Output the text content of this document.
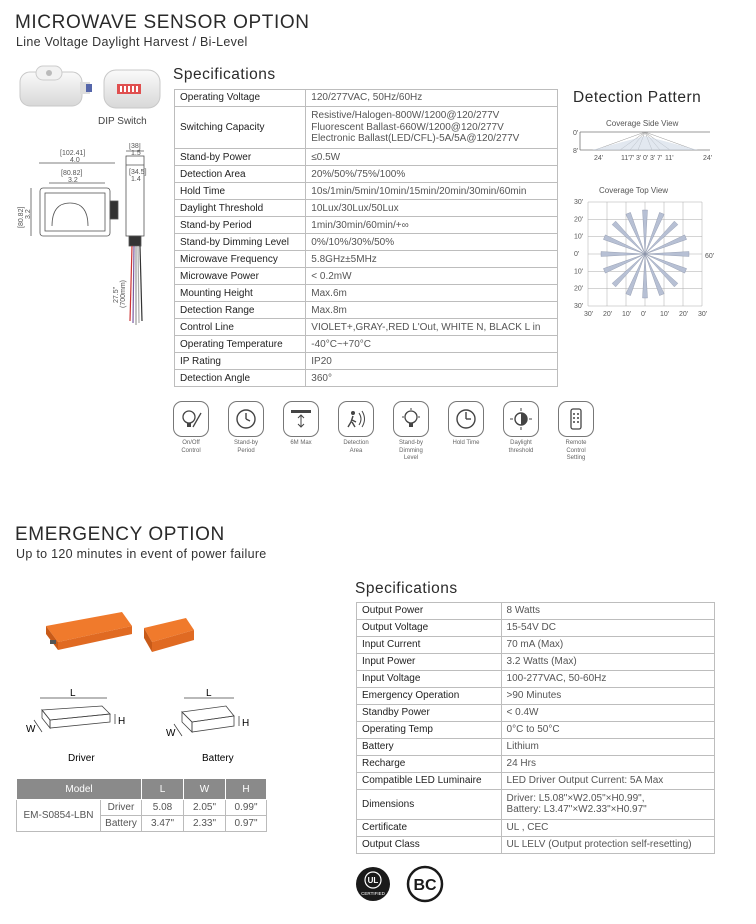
MICROWAVE SENSOR OPTION
Line Voltage Daylight Harvest / Bi-Level
DIP Switch
[102.41]
4.0
[80.82]
3.2
[80.82] 3.2
[38]
1.5
[34.5]
1.4
27.5" (700mm)
Specifications
Operating Voltage	120/277VAC, 50Hz/60Hz
Switching Capacity	Resistive/Halogen-800W/1200@120/277V
Fluorescent Ballast-660W/1200@120/277V
Electronic Ballast(LED/CFL)-5A/5A@120/277V

Stand-by Power	≤0.5W
Detection Area	20%/50%/75%/100%
Hold Time	10s/1min/5min/10min/15min/20min/30min/60min
Daylight Threshold	10Lux/30Lux/50Lux
Stand-by Period	1min/30min/60min/+∞
Stand-by Dimming Level	0%/10%/30%/50%
Microwave Frequency	5.8GHz±5MHz
Microwave Power	< 0.2mW
Mounting Height	Max.6m
Detection Range	Max.8m
Control Line	VIOLET+,GRAY-,RED L'Out, WHITE N, BLACK L in
Operating Temperature	-40°C~+70°C
IP Rating	IP20
Detection Angle	360°
Detection Pattern
Coverage Side View
0'
8'
24'	11' 7' 3' 0' 3' 7' 11'	24'
Coverage Top View
30'
20'
10'
0'
10'
20'
30'
30' 20' 10' 0' 10' 20' 30'
60'
On/Off
Control
Stand-by
Period
6M Max	Detection
Area
Stand-by
Dimming
Level
Hold Time	Daylight
threshold
Remote
Control
Setting
EMERGENCY OPTION
Up to 120 minutes in event of power failure
L
W
H
L
W
H
Driver	Battery
Model		L	W	H
EM-S0854-LBN	Driver	5.08	2.05"	0.99"
	Battery	3.47"	2.33"	0.97"
Specifications
Output Power	8 Watts
Output Voltage	15-54V DC
Input Current	70 mA (Max)
Input Power	3.2 Watts (Max)
Input Voltage	100-277VAC, 50-60Hz
Emergency Operation	>90 Minutes
Standby Power	< 0.4W
Operating Temp	0°C to 50°C
Battery	Lithium
Recharge	24 Hrs
Compatible LED Luminaire	LED Driver Output Current: 5A Max
Dimensions	Driver: L5.08"×W2.05"×H0.99",
Battery: L3.47"×W2.33"×H0.97"

Certificate	UL , CEC
Output Class	UL LELV (Output protection self-resetting)
UL
CERTIFIED BC
